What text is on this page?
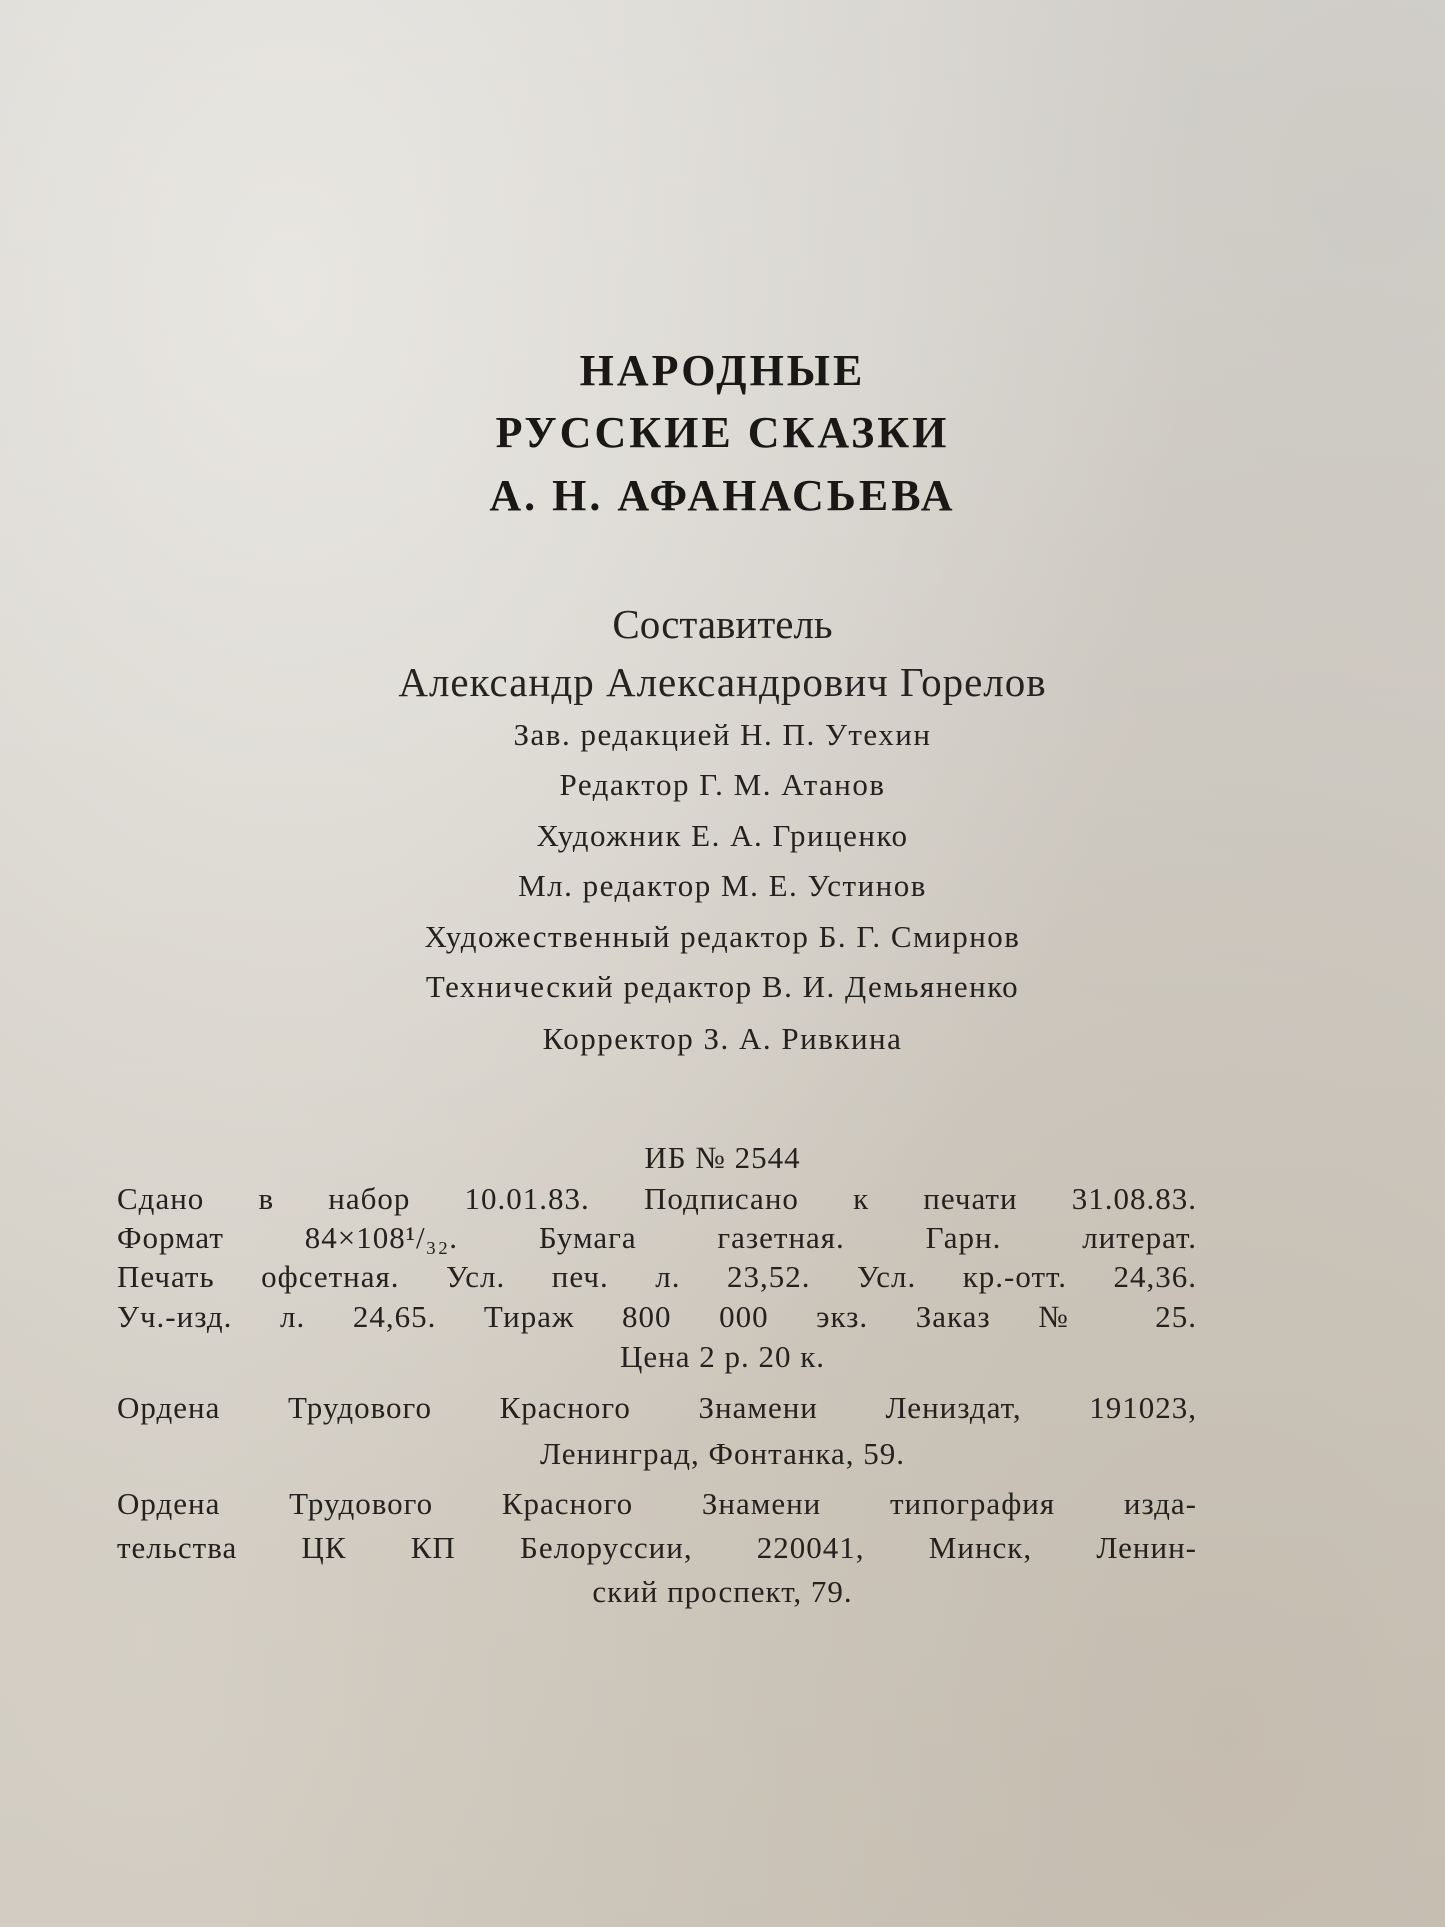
НАРОДНЫЕ

РУССКИЕ СКАЗКИ

А. Н. АФАНАСЬЕВА

Составитель

Александр Александрович Горелов

Зав. редакцией Н. П. Утехин

Редактор Г. М. Атанов

Художник Е. А. Гриценко

Мл. редактор М. Е. Устинов

Художественный редактор Б. Г. Смирнов

Технический редактор В. И. Демьяненко

Корректор З. А. Ривкина

ИБ № 2544

Сдано в набор 10.01.83. Подписано к печати 31.08.83.

Формат 84×108¹/₃₂. Бумага газетная. Гарн. литерат.

Печать офсетная. Усл. печ. л. 23,52. Усл. кр.-отт. 24,36.

Уч.-изд. л. 24,65. Тираж 800 000 экз. Заказ № 25.

Цена 2 р. 20 к.

Ордена Трудового Красного Знамени Лениздат, 191023,

Ленинград, Фонтанка, 59.

Ордена Трудового Красного Знамени типография изда-

тельства ЦК КП Белоруссии, 220041, Минск, Ленин-

ский проспект, 79.
